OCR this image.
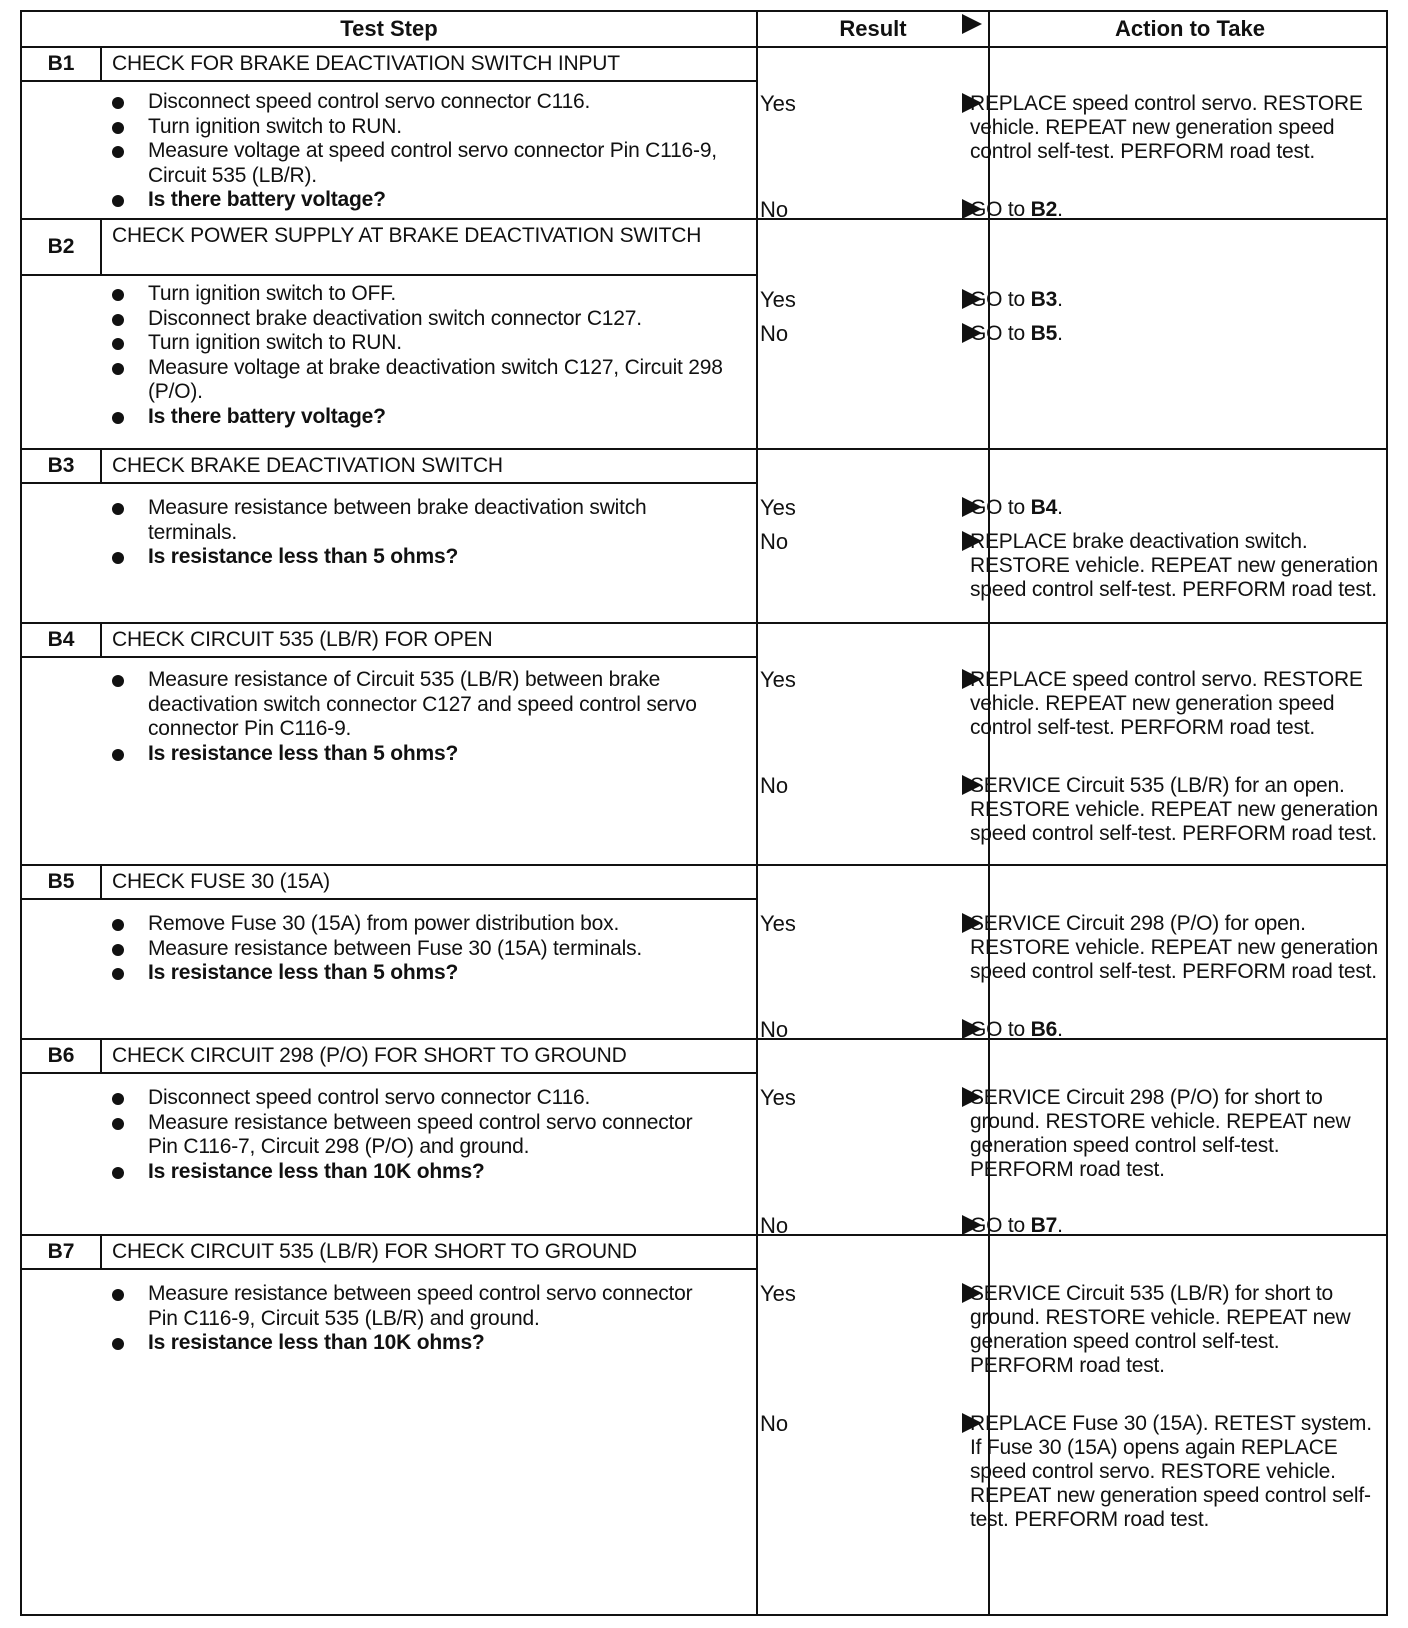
Test Step	Result	Action to Take
B1	CHECK FOR BRAKE DEACTIVATION SWITCH INPUT
Disconnect speed control servo connector C116.
Turn ignition switch to RUN.
Measure voltage at speed control servo connector Pin C116-9, Circuit 535 (LB/R).
Is there battery voltage?
Yes	REPLACE speed control servo. RESTORE vehicle. REPEAT new generation speed control self-test. PERFORM road test.
No	GO to B2.
B2	CHECK POWER SUPPLY AT BRAKE DEACTIVATION SWITCH
Turn ignition switch to OFF.
Disconnect brake deactivation switch connector C127.
Turn ignition switch to RUN.
Measure voltage at brake deactivation switch C127, Circuit 298 (P/O).
Is there battery voltage?
Yes	GO to B3.
No	GO to B5.
B3	CHECK BRAKE DEACTIVATION SWITCH
Measure resistance between brake deactivation switch terminals.
Is resistance less than 5 ohms?
Yes	GO to B4.
No	REPLACE brake deactivation switch. RESTORE vehicle. REPEAT new generation speed control self-test. PERFORM road test.
B4	CHECK CIRCUIT 535 (LB/R) FOR OPEN
Measure resistance of Circuit 535 (LB/R) between brake deactivation switch connector C127 and speed control servo connector Pin C116-9.
Is resistance less than 5 ohms?
Yes	REPLACE speed control servo. RESTORE vehicle. REPEAT new generation speed control self-test. PERFORM road test.
No	SERVICE Circuit 535 (LB/R) for an open. RESTORE vehicle. REPEAT new generation speed control self-test. PERFORM road test.
B5	CHECK FUSE 30 (15A)
Remove Fuse 30 (15A) from power distribution box.
Measure resistance between Fuse 30 (15A) terminals.
Is resistance less than 5 ohms?
Yes	SERVICE Circuit 298 (P/O) for open. RESTORE vehicle. REPEAT new generation speed control self-test. PERFORM road test.
No	GO to B6.
B6	CHECK CIRCUIT 298 (P/O) FOR SHORT TO GROUND
Disconnect speed control servo connector C116.
Measure resistance between speed control servo connector Pin C116-7, Circuit 298 (P/O) and ground.
Is resistance less than 10K ohms?
Yes	SERVICE Circuit 298 (P/O) for short to ground. RESTORE vehicle. REPEAT new generation speed control self-test. PERFORM road test.
No	GO to B7.
B7	CHECK CIRCUIT 535 (LB/R) FOR SHORT TO GROUND
Measure resistance between speed control servo connector Pin C116-9, Circuit 535 (LB/R) and ground.
Is resistance less than 10K ohms?
Yes	SERVICE Circuit 535 (LB/R) for short to ground. RESTORE vehicle. REPEAT new generation speed control self-test. PERFORM road test.
No	REPLACE Fuse 30 (15A). RETEST system. If Fuse 30 (15A) opens again REPLACE speed control servo. RESTORE vehicle. REPEAT new generation speed control self-test. PERFORM road test.
